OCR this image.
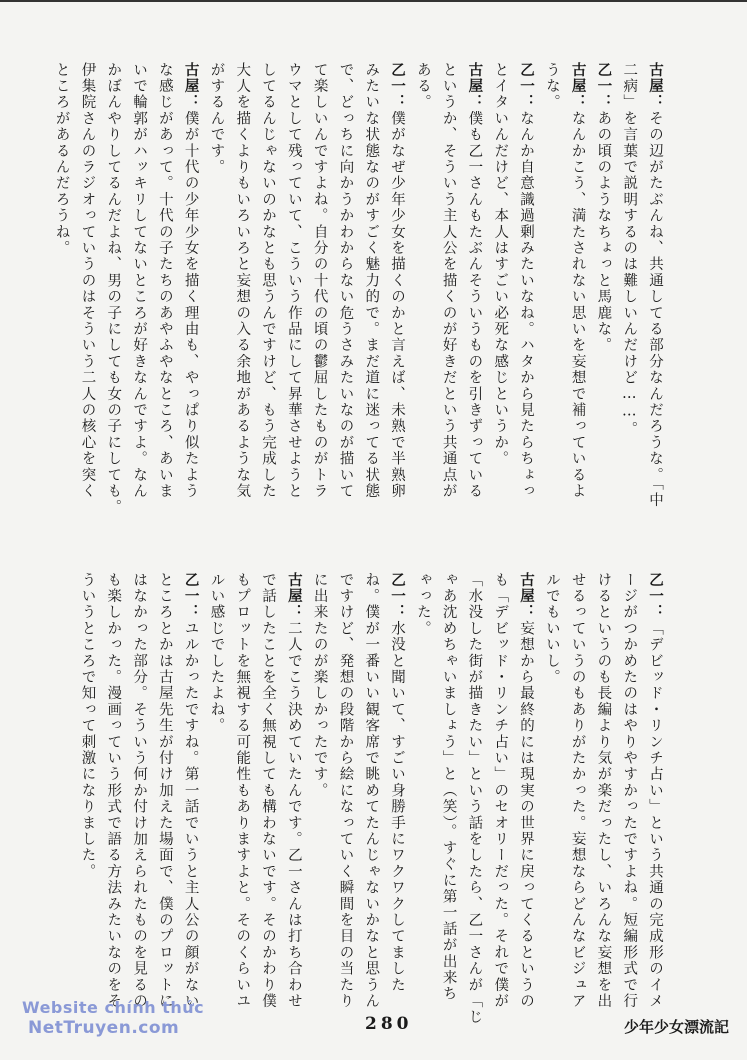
古屋：その辺がたぶんね、共通してる部分なんだろうな。「中
二病」を言葉で説明するのは難しいんだけど……。
乙一：あの頃のようなちょっと馬鹿な。
古屋：なんかこう、満たされない思いを妄想で補っているよ
うな。
乙一：なんか自意識過剰みたいなね。ハタから見たらちょっ
とイタいんだけど、本人はすごい必死な感じというか。
古屋：僕も乙一さんもたぶんそういうものを引きずっている
というか、そういう主人公を描くのが好きだという共通点が
ある。
乙一：僕がなぜ少年少女を描くのかと言えば、未熟で半熟卵
みたいな状態なのがすごく魅力的で。まだ道に迷ってる状態
で、どっちに向かうかわからない危うさみたいなのが描いて
て楽しいんですよね。自分の十代の頃の鬱屈したものがトラ
ウマとして残っていて、こういう作品にして昇華させようと
してるんじゃないのかなとも思うんですけど、もう完成した
大人を描くよりもいろいろと妄想の入る余地があるような気
がするんです。
古屋：僕が十代の少年少女を描く理由も、やっぱり似たよう
な感じがあって。十代の子たちのあやふやなところ、あいま
いで輪郭がハッキリしてないところが好きなんですよ。なん
かぼんやりしてるんだよね、男の子にしても女の子にしても。
伊集院さんのラジオっていうのはそういう二人の核心を突く
ところがあるんだろうね。
乙一：「デビッド・リンチ占い」という共通の完成形のイメ
ージがつかめたのはやりやすかったですよね。短編形式で行
けるというのも長編より気が楽だったし、いろんな妄想を出
せるっていうのもありがたかった。妄想ならどんなビジュア
ルでもいいし。
古屋：妄想から最終的には現実の世界に戻ってくるというの
も「デビッド・リンチ占い」のセオリーだった。それで僕が
「水没した街が描きたい」という話をしたら、乙一さんが「じ
ゃあ沈めちゃいましょう」と（笑）。すぐに第一話が出来ち
ゃった。
乙一：水没と聞いて、すごい身勝手にワクワクしてました
ね。僕が一番いい観客席で眺めてたんじゃないかなと思うん
ですけど、発想の段階から絵になっていく瞬間を目の当たり
に出来たのが楽しかったです。
古屋：二人でこう決めていたんです。乙一さんは打ち合わせ
で話したことを全く無視しても構わないです。そのかわり僕
もプロットを無視する可能性もありますよと。そのくらいユ
ルい感じでしたよね。
乙一：ユルかったですね。第一話でいうと主人公の顔がない
ところとかは古屋先生が付け加えた場面で、僕のプロットに
はなかった部分。そういう何か付け加えられたものを見るの
も楽しかった。漫画っていう形式で語る方法みたいなのをそ
ういうところで知って刺激になりました。
Website chính thức
NetTruyen.com	280	少年少女漂流記
